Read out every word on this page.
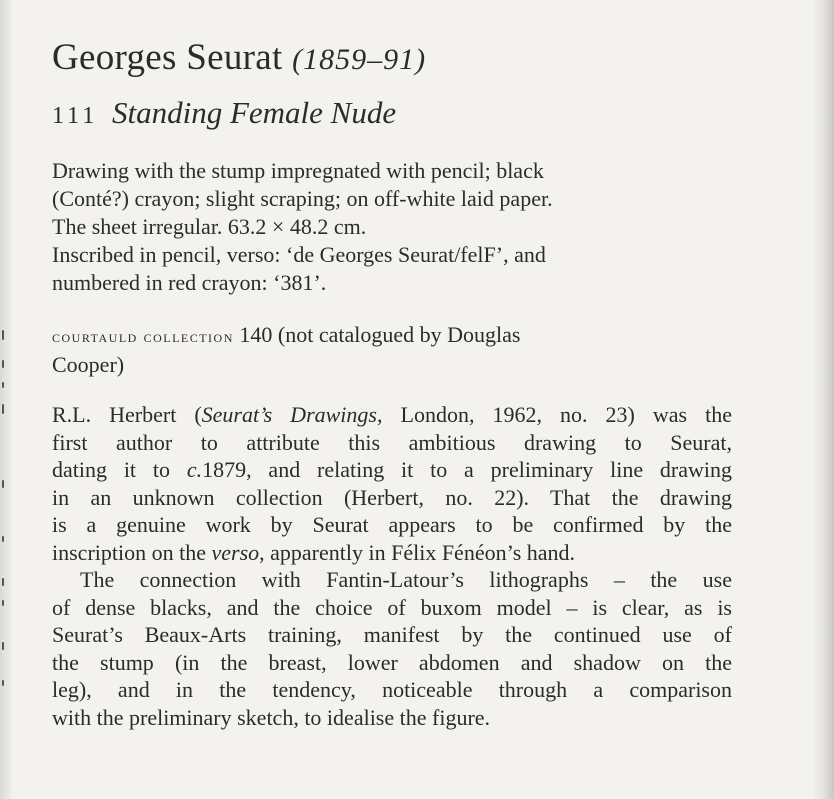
Georges Seurat (1859–91)
111 Standing Female Nude
Drawing with the stump impregnated with pencil; black
(Conté?) crayon; slight scraping; on off-white laid paper.
The sheet irregular. 63.2 × 48.2 cm.
Inscribed in pencil, verso: ‘de Georges Seurat/felF’, and
numbered in red crayon: ‘381’.
courtauld collection 140 (not catalogued by Douglas
Cooper)
R.L. Herbert (Seurat’s Drawings, London, 1962, no. 23) was the
first author to attribute this ambitious drawing to Seurat,
dating it to c.1879, and relating it to a preliminary line drawing
in an unknown collection (Herbert, no. 22). That the drawing
is a genuine work by Seurat appears to be confirmed by the
inscription on the verso, apparently in Félix Fénéon’s hand.
The connection with Fantin-Latour’s lithographs – the use
of dense blacks, and the choice of buxom model – is clear, as is
Seurat’s Beaux-Arts training, manifest by the continued use of
the stump (in the breast, lower abdomen and shadow on the
leg), and in the tendency, noticeable through a comparison
with the preliminary sketch, to idealise the figure.
